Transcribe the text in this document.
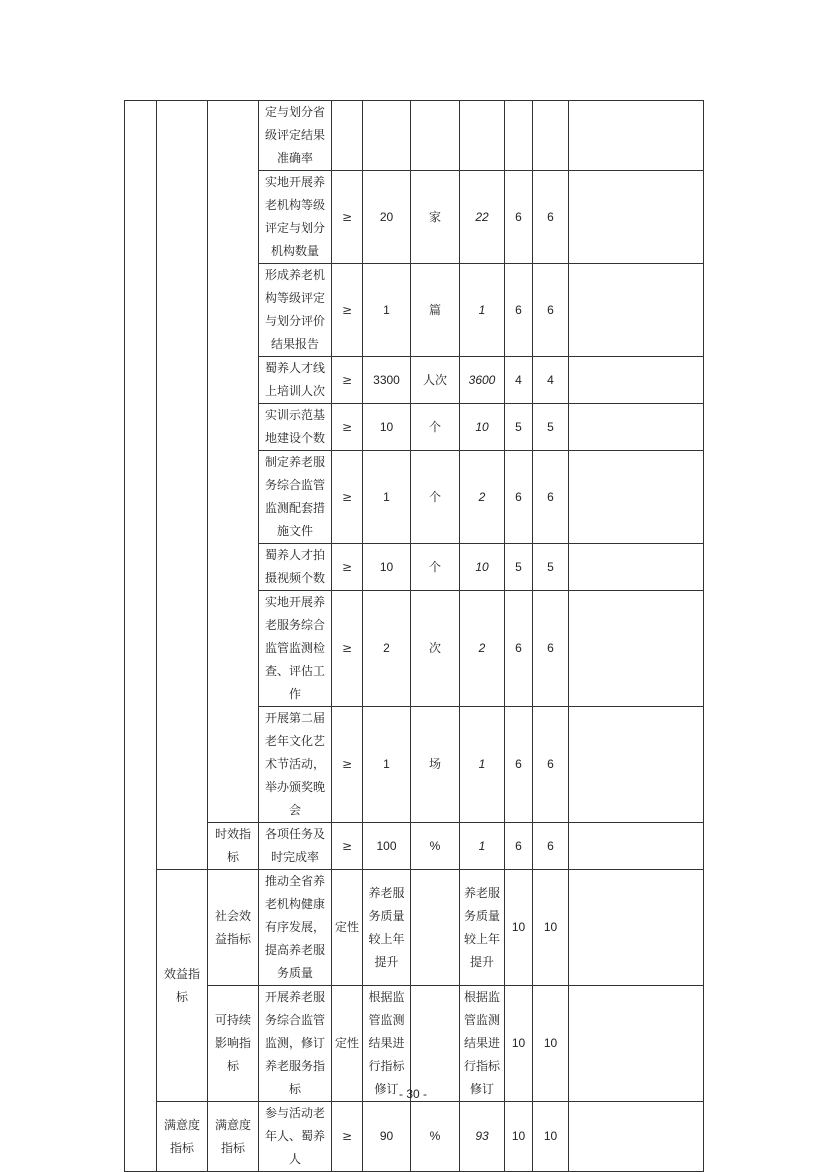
			定与划分省级评定结果准确率							
			实地开展养老机构等级评定与划分机构数量	≥	20	家	22	6	6	
			形成养老机构等级评定与划分评价结果报告	≥	1	篇	1	6	6	
			蜀养人才线上培训人次	≥	3300	人次	3600	4	4	
			实训示范基地建设个数	≥	10	个	10	5	5	
			制定养老服务综合监管监测配套措施文件	≥	1	个	2	6	6	
			蜀养人才拍摄视频个数	≥	10	个	10	5	5	
			实地开展养老服务综合监管监测检查、评估工作	≥	2	次	2	6	6	
			开展第二届老年文化艺术节活动，举办颁奖晚会	≥	1	场	1	6	6	
		时效指标	各项任务及时完成率	≥	100	%	1	6	6	
	效益指标	社会效益指标	推动全省养老机构健康有序发展，提高养老服务质量	定性	养老服务质量较上年提升		养老服务质量较上年提升	10	10	
		可持续影响指标	开展养老服务综合监管监测，修订养老服务指标	定性	根据监管监测结果进行指标修订		根据监管监测结果进行指标修订	10	10	
	满意度指标	满意度指标	参与活动老年人、蜀养人	≥	90	%	93	10	10	
- 30 -
